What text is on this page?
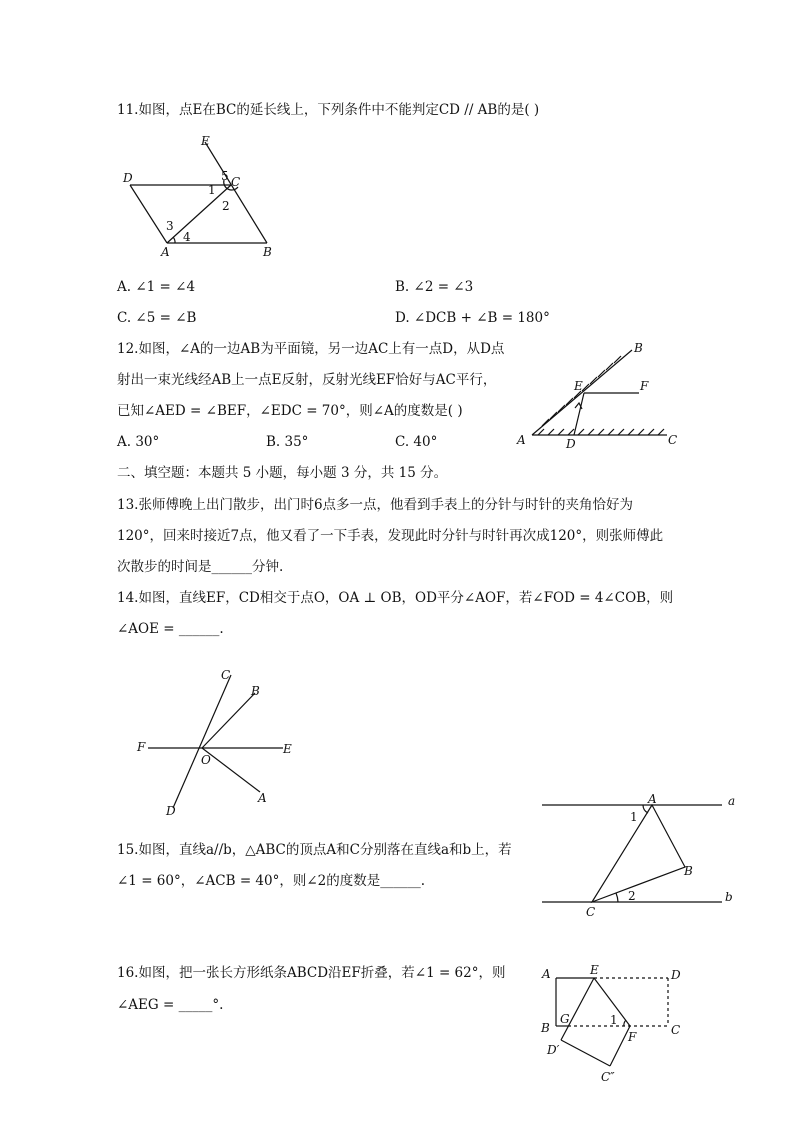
11.如图，点E在BC的延长线上，下列条件中不能判定CD // AB的是( )
E
D	C
A	B
5
1
2
3
4
A. ∠1 = ∠4	B. ∠2 = ∠3
C. ∠5 = ∠B	D. ∠DCB + ∠B = 180°
12.如图，∠A的一边AB为平面镜，另一边AC上有一点D，从D点
射出一束光线经AB上一点E反射，反射光线EF恰好与AC平行，
已知∠AED = ∠BEF，∠EDC = 70°，则∠A的度数是( )
A. 30°	B. 35°	C. 40°
B
E	F
A	D	C
二、填空题：本题共 5 小题，每小题 3 分，共 15 分。
13.张师傅晚上出门散步，出门时6点多一点，他看到手表上的分针与时针的夹角恰好为
120°，回来时接近7点，他又看了一下手表，发现此时分针与时针再次成120°，则张师傅此
次散步的时间是______分钟.
14.如图，直线EF，CD相交于点O，OA ⊥ OB，OD平分∠AOF，若∠FOD = 4∠COB，则
∠AOE = ______.
C
B
F
O
E
D
A
15.如图，直线a//b，△ABC的顶点A和C分别落在直线a和b上，若
∠1 = 60°，∠ACB = 40°，则∠2的度数是______.
A	a
1
B
2
C
b
16.如图，把一张长方形纸条ABCD沿EF折叠，若∠1 = 62°，则
∠AEG = _____°.
A	E	D
B
G	1
F	C
D′
C″
